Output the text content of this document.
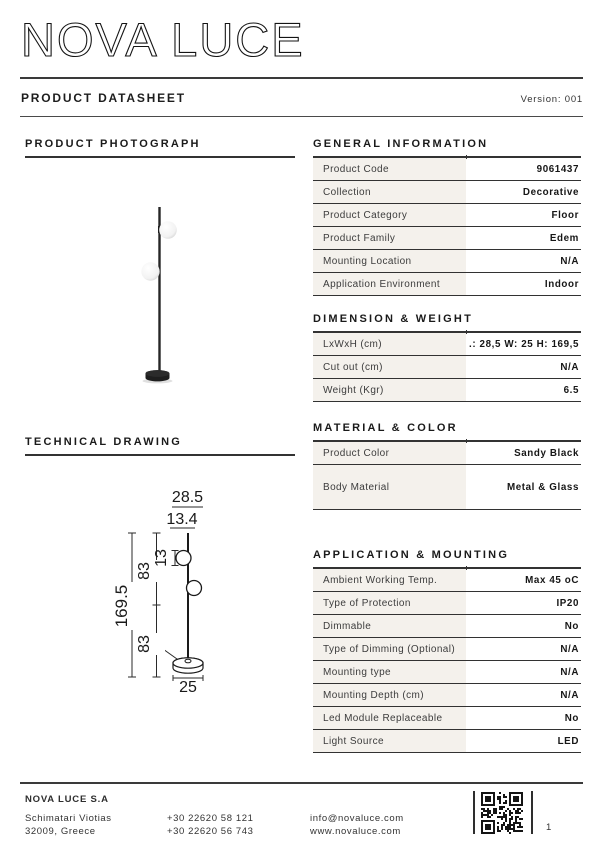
NOVA LUCE
PRODUCT DATASHEET	Version: 001
PRODUCT PHOTOGRAPH
TECHNICAL DRAWING
28.5
13.4
13
83
83
169.5
25
GENERAL INFORMATION
Product Code	9061437
Collection	Decorative
Product Category	Floor
Product Family	Edem
Mounting Location	N/A
Application Environment	Indoor
DIMENSION & WEIGHT
LxWxH (cm)	.: 28,5 W: 25 H: 169,5
Cut out (cm)	N/A
Weight (Kgr)	6.5
MATERIAL & COLOR
Product Color	Sandy Black
Body Material	Metal & Glass
APPLICATION & MOUNTING
Ambient Working Temp.	Max 45 oC
Type of Protection	IP20
Dimmable	No
Type of Dimming (Optional)	N/A
Mounting type	N/A
Mounting Depth (cm)	N/A
Led Module Replaceable	No
Light Source	LED
NOVA LUCE S.A
Schimatari Viotias
32009, Greece
+30 22620 58 121
+30 22620 56 743
info@novaluce.com
www.novaluce.com	1
